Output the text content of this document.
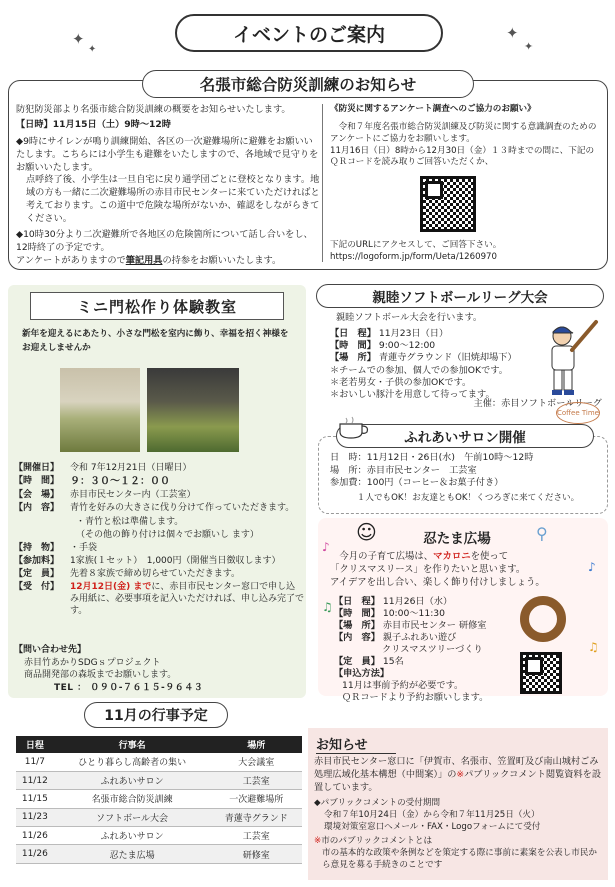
✦
✦
✦
✦
イベントのご案内
名張市総合防災訓練のお知らせ
防犯防災部より名張市総合防災訓練の概要をお知らせいたします。
【日時】11月15日（土）9時～12時
◆9時にサイレンが鳴り訓練開始、各区の一次避難場所に避難をお願いいたします。こちらには小学生も避難をいたしますので、各地域で見守りをお願いいたします。
点呼終了後、小学生は一旦自宅に戻り通学団ごとに登校となります。地域の方も一緒に二次避難場所の赤目市民センターに来ていただければと考えております。この道中で危険な場所がないか、確認をしながらきてください。
◆10時30分より二次避難所で各地区の危険箇所について話し合いをし、12時終了の予定です。
アンケートがありますので筆記用具の持参をお願いいたします。
《防災に関するアンケート調査へのご協力のお願い》
令和７年度名張市総合防災訓練及び防災に関する意識調査のためのアンケートにご協力をお願いします。
11月16日（日）8時から12月30日（金）１３時までの間に、下記のＱＲコードを読み取りご回答いただくか、
下記のURLにアクセスして、ご回答下さい。
https://logoform.jp/form/Ueta/1260970
ミニ門松作り体験教室
新年を迎えるにあたり、小さな門松を室内に飾り、幸福を招く神様をお迎えしませんか
【開催日】	令和 7年12月21日（日曜日）
【時　間】	９：３０～１２：００
【会　場】	赤目市民センター内（工芸室）
【内　容】	青竹を好みの大きさに伐り分けて作っていただきます。
	・青竹と松は準備します。
	（その他の飾り付けは個々でお願いし ます）
【持　物】	・手袋
【参加料】	1家族(１セット）　1,000円（開催当日徴収します）
【定　員】	先着８家族で締め切らせていただきます。
【受　付】	12月12日(金) までに、赤目市民センター窓口で申し込み用紙に、必要事項を記入いただければ、申し込み完了です。
【問い合わせ先】
赤目竹あかりSDGｓプロジェクト
商品開発部の森坂までお願いします。
TEL ： ０９０-７６１５-９６４３
11月の行事予定
日程	行事名	場所
11/7	ひとり暮らし高齢者の集い	大会議室
11/12	ふれあいサロン	工芸室
11/15	名張市総合防災訓練	一次避難場所
11/23	ソフトボール大会	青蓮寺グランド
11/26	ふれあいサロン	工芸室
11/26	忍たま広場	研修室
親睦ソフトボールリーグ大会
親睦ソフトボール大会を行います。
【日　程】 11月23日（日）
【時　間】 9:00～12:00
【場　所】 青蓮寺グラウンド（旧焼却場下）
＊チームでの参加、個人での参加OKです。
＊老若男女・子供の参加OKです。
＊おいしい豚汁を用意して待ってます。
主催：赤目ソフトボールリーグ
ふれあいサロン開催
Coffee Time
日　時：11月12日・26日(水)　午前10時～12時
場　所：赤目市民センター　工芸室
参加費：100円（コーヒー＆お菓子付き）
１人でもOK！お友達ともOK！くつろぎに来てください。
♪
♫
♪
♫
☺	⚲
忍たま広場
今月の子育て広場は、マカロニを使って
「クリスマスリース」を作りたいと思います。
アイデアを出し合い、楽しく飾り付けしましょう。
【日　程】 11月26日（水）
【時　間】 10:00～11:30
【場　所】 赤目市民センター 研修室
【内　容】 親子ふれあい遊び
クリスマスツリーづくり
【定　員】 15名
【申込方法】
11月は事前予約が必要です。
ＱＲコードより予約お願いします。
お知らせ
赤目市民センター窓口に「伊賀市、名張市、笠置町及び南山城村ごみ処理広域化基本構想（中間案）」の※パブリックコメント閲覧資料を設置しています。
◆パブリックコメントの受付期間
令和７年10月24日（金）から令和７年11月25日（火）
環境対策室窓口へメール・FAX・Logoフォームにて受付
※市のパブリックコメントとは
市の基本的な政策や条例などを策定する際に事前に素案を公表し市民から意見を募る手続きのことです
